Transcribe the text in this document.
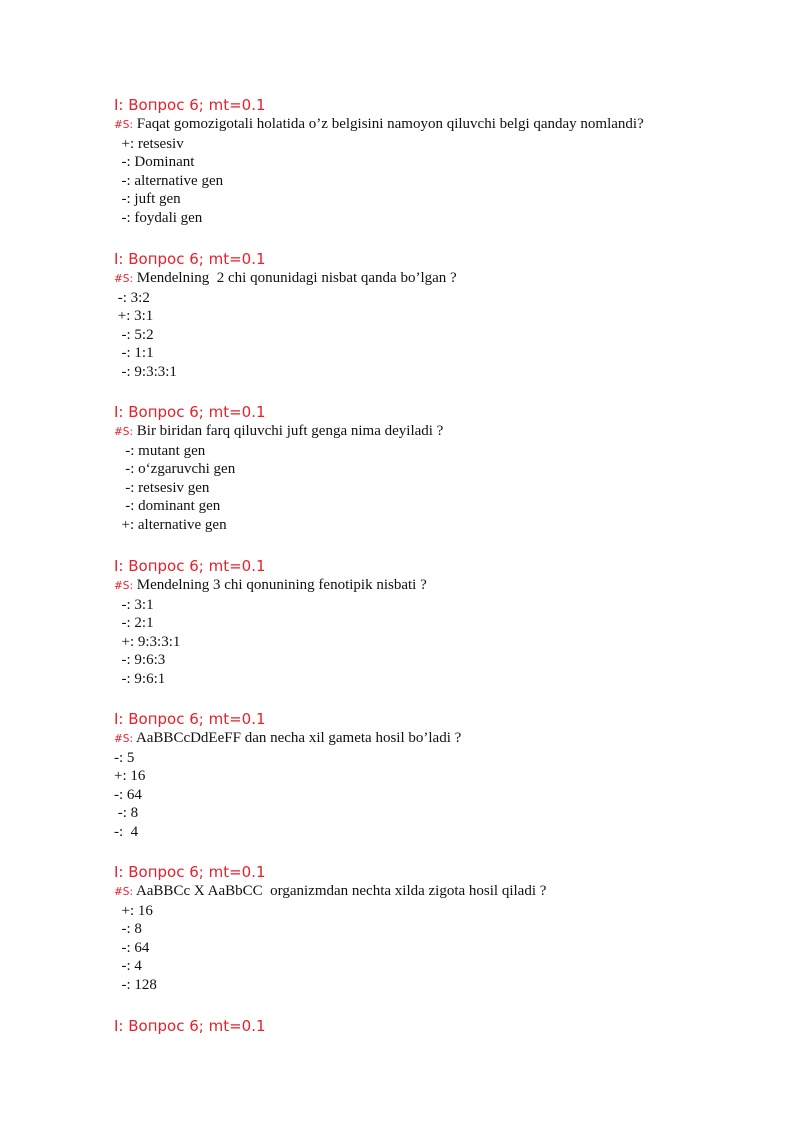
I: Вопрос 6; mt=0.1
#S: Faqat gomozigotali holatida o’z belgisini namoyon qiluvchi belgi qanday nomlandi?
+: retsesiv
-: Dominant
-: alternative gen
-: juft gen
-: foydali gen
I: Вопрос 6; mt=0.1
#S: Mendelning  2 chi qonunidagi nisbat qanda bo’lgan ?
-: 3:2
+: 3:1
-: 5:2
-: 1:1
-: 9:3:3:1
I: Вопрос 6; mt=0.1
#S: Bir biridan farq qiluvchi juft genga nima deyiladi ?
-: mutant gen
-: o‘zgaruvchi gen
-: retsesiv gen
-: dominant gen
+: alternative gen
I: Вопрос 6; mt=0.1
#S: Mendelning 3 chi qonunining fenotipik nisbati ?
-: 3:1
-: 2:1
+: 9:3:3:1
-: 9:6:3
-: 9:6:1
I: Вопрос 6; mt=0.1
#S: AaBBCcDdEeFF dan necha xil gameta hosil bo’ladi ?
-: 5
+: 16
-: 64
-: 8
-:  4
I: Вопрос 6; mt=0.1
#S: AaBBCc X AaBbCC  organizmdan nechta xilda zigota hosil qiladi ?
+: 16
-: 8
-: 64
-: 4
-: 128
I: Вопрос 6; mt=0.1
